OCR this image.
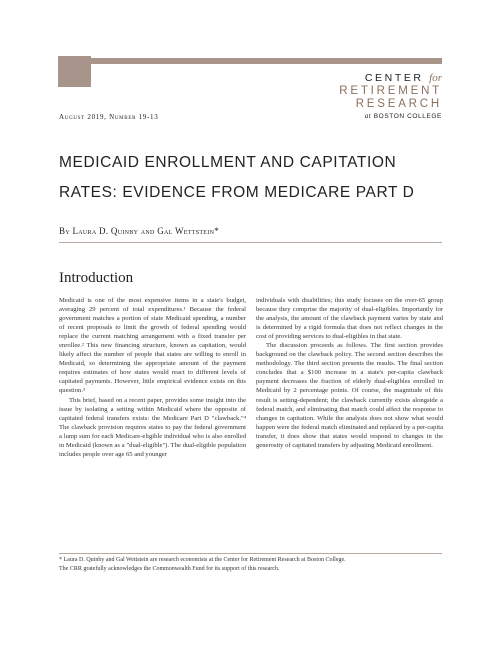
CENTER for
RETIREMENT
RESEARCH
at BOSTON COLLEGE
August 2019, Number 19-13
MEDICAID ENROLLMENT AND CAPITATION
RATES: EVIDENCE FROM MEDICARE PART D
By Laura D. Quinby and Gal Wettstein*
Introduction

Medicaid is one of the most expensive items in a state's budget, averaging 29 percent of total expenditures.¹ Because the federal government matches a portion of state Medicaid spending, a number of recent proposals to limit the growth of federal spending would replace the current matching arrangement with a fixed transfer per enrollee.² This new financing structure, known as capitation, would likely affect the number of people that states are willing to enroll in Medicaid, so determining the appropriate amount of the payment requires estimates of how states would react to different levels of capitated payments. However, little empirical evidence exists on this question.³

This brief, based on a recent paper, provides some insight into the issue by isolating a setting within Medicaid where the opposite of capitated federal transfers exists: the Medicare Part D "clawback."⁴ The clawback provision requires states to pay the federal government a lump sum for each Medicare-eligible individual who is also enrolled in Medicaid (known as a "dual-eligible"). The dual-eligible population includes people over age 65 and younger

individuals with disabilities; this study focuses on the over-65 group because they comprise the majority of dual-eligibles. Importantly for the analysis, the amount of the clawback payment varies by state and is determined by a rigid formula that does not reflect changes in the cost of providing services to dual-eligibles in that state.

The discussion proceeds as follows. The first section provides background on the clawback policy. The second section describes the methodology. The third section presents the results. The final section concludes that a $100 increase in a state's per-capita clawback payment decreases the fraction of elderly dual-eligibles enrolled in Medicaid by 2 percentage points. Of course, the magnitude of this result is setting-dependent; the clawback currently exists alongside a federal match, and eliminating that match could affect the response to changes in capitation. While the analysis does not show what would happen were the federal match eliminated and replaced by a per-capita transfer, it does show that states would respond to changes in the generosity of capitated transfers by adjusting Medicaid enrollment.

* Laura D. Quinby and Gal Wettstein are research economists at the Center for Retirement Research at Boston College.
The CRR gratefully acknowledges the Commonwealth Fund for its support of this research.
